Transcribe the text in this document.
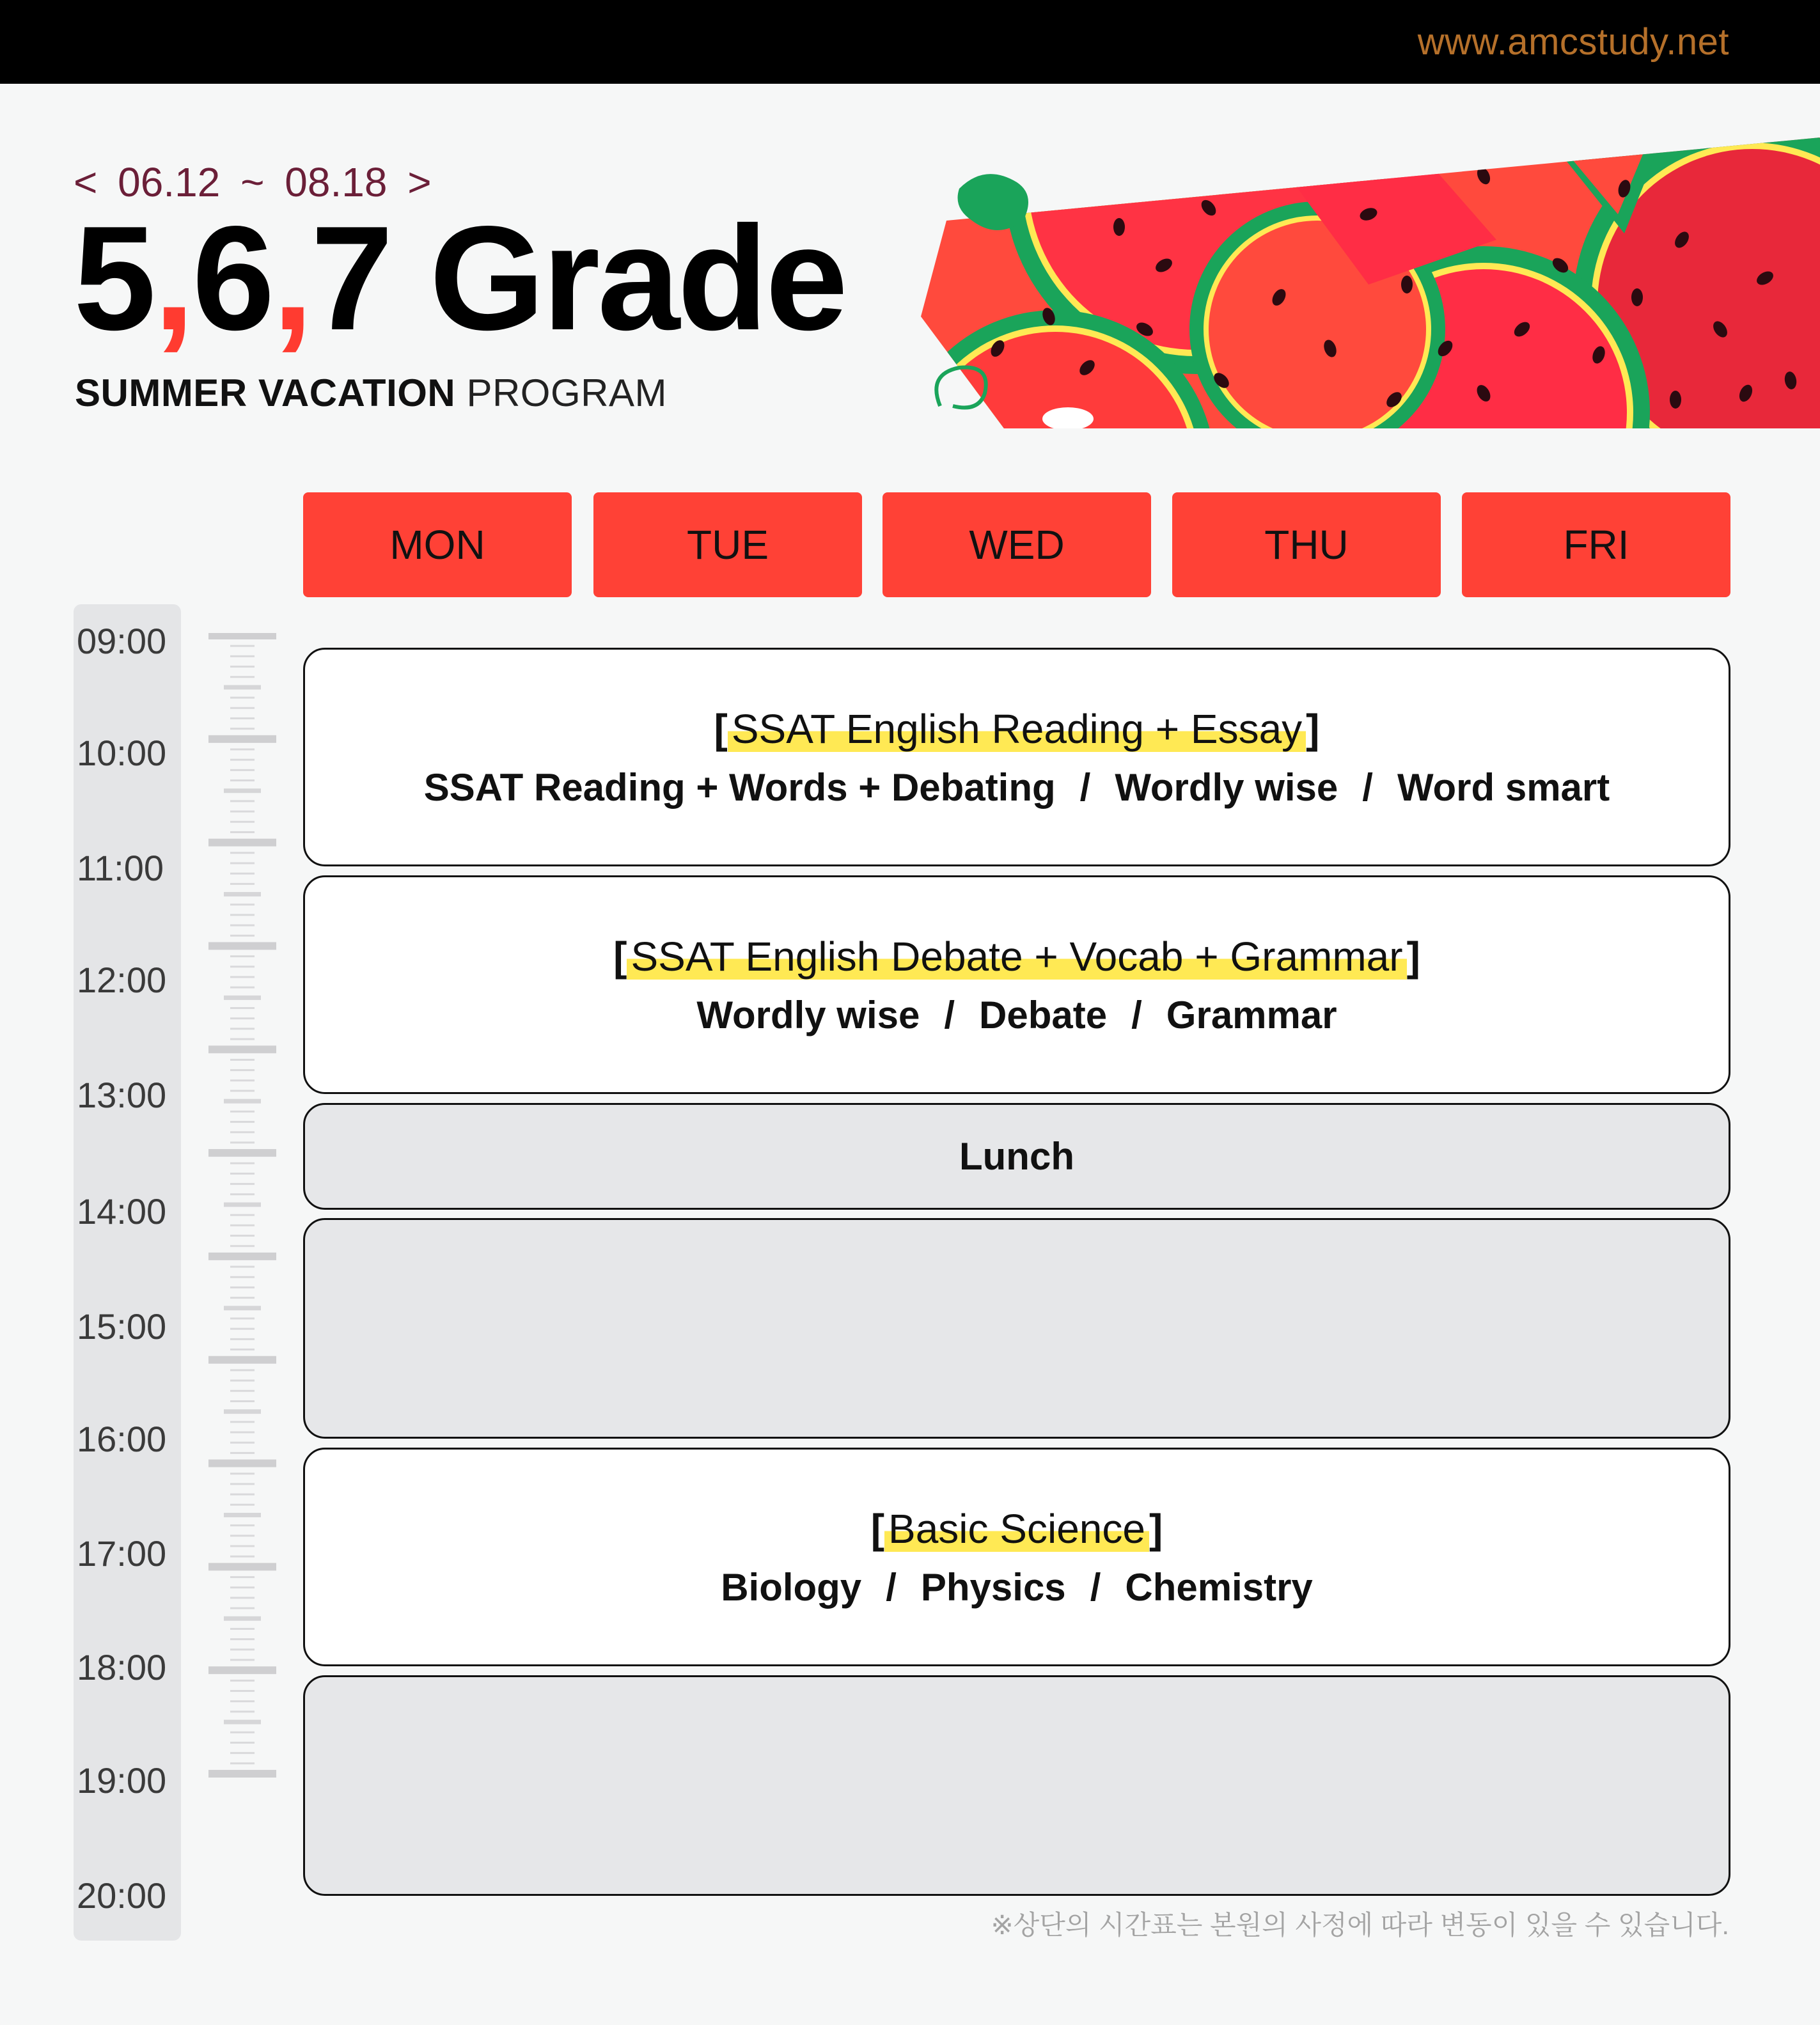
www.amcstudy.net
< 06.12 ~ 08.18 >
5,6,7 Grade
SUMMER VACATION PROGRAM
MON	TUE	WED	THU	FRI
09:00
10:00
11:00
12:00
13:00
14:00
15:00
16:00
17:00
18:00
19:00
20:00
[SSAT English Reading + Essay]
SSAT Reading + Words + Debating / Wordly wise / Word smart
[SSAT English Debate + Vocab + Grammar]
Wordly wise / Debate / Grammar
Lunch
[Basic Science]
Biology / Physics / Chemistry
※상단의 시간표는 본원의 사정에 따라 변동이 있을 수 있습니다.
